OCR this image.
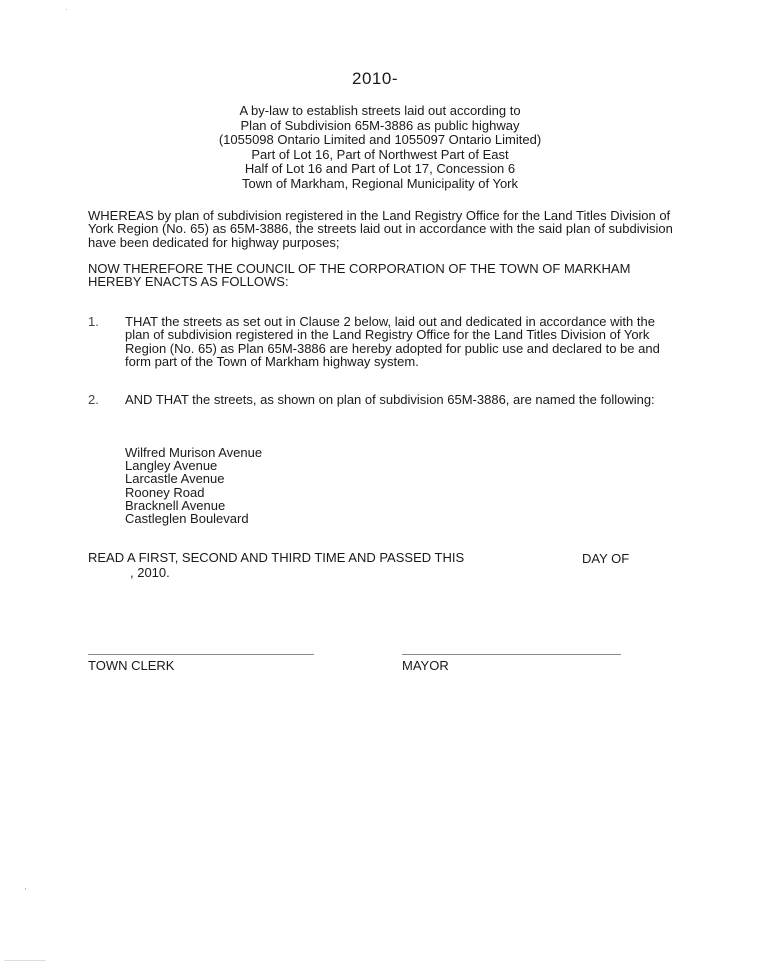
2010-
A by-law to establish streets laid out according to
Plan of Subdivision 65M-3886 as public highway
(1055098 Ontario Limited and 1055097 Ontario Limited)
Part of Lot 16, Part of Northwest Part of East
Half of Lot 16 and Part of Lot 17, Concession 6
Town of Markham, Regional Municipality of York
WHEREAS by plan of subdivision registered in the Land Registry Office for the Land Titles Division of York Region (No. 65) as 65M-3886, the streets laid out in accordance with the said plan of subdivision have been dedicated for highway purposes;
NOW THEREFORE THE COUNCIL OF THE CORPORATION OF THE TOWN OF MARKHAM HEREBY ENACTS AS FOLLOWS:
1. THAT the streets as set out in Clause 2 below, laid out and dedicated in accordance with the plan of subdivision registered in the Land Registry Office for the Land Titles Division of York Region (No. 65) as Plan 65M-3886 are hereby adopted for public use and declared to be and form part of the Town of Markham highway system.
2. AND THAT the streets, as shown on plan of subdivision 65M-3886, are named the following:
Wilfred Murison Avenue
Langley Avenue
Larcastle Avenue
Rooney Road
Bracknell Avenue
Castleglen Boulevard
READ A FIRST, SECOND AND THIRD TIME AND PASSED THIS	DAY OF
, 2010.
TOWN CLERK	MAYOR
